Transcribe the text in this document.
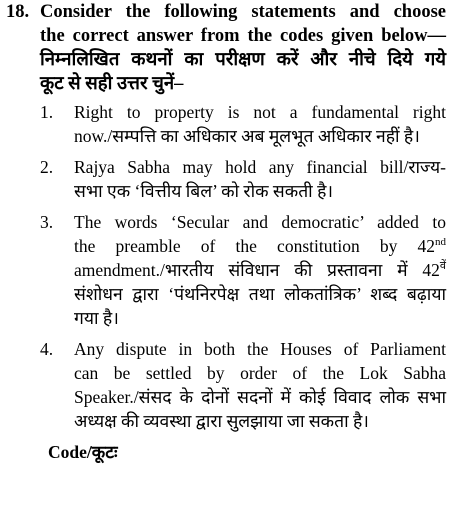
18. Consider the following statements and choose
the correct answer from the codes given below—
निम्नलिखित कथनों का परीक्षण करें और नीचे दिये गये
कूट से सही उत्तर चुनें–
1.	Right to property is not a fundamental right
now./सम्पत्ति का अधिकार अब मूलभूत अधिकार नहीं है।
2.	Rajya Sabha may hold any financial bill/राज्य-
सभा एक ‘वित्तीय बिल’ को रोक सकती है।
3.	The words ‘Secular and democratic’ added to
the preamble of the constitution by 42nd
amendment./भारतीय संविधान की प्रस्तावना में $42^{वें}$
संशोधन द्वारा ‘पंथनिरपेक्ष तथा लोकतांत्रिक’ शब्द बढ़ाया
गया है।
4.	Any dispute in both the Houses of Parliament
can be settled by order of the Lok Sabha
Speaker./संसद के दोनों सदनों में कोई विवाद लोक सभा
अध्यक्ष की व्यवस्था द्वारा सुलझाया जा सकता है।
Code/कूटः
